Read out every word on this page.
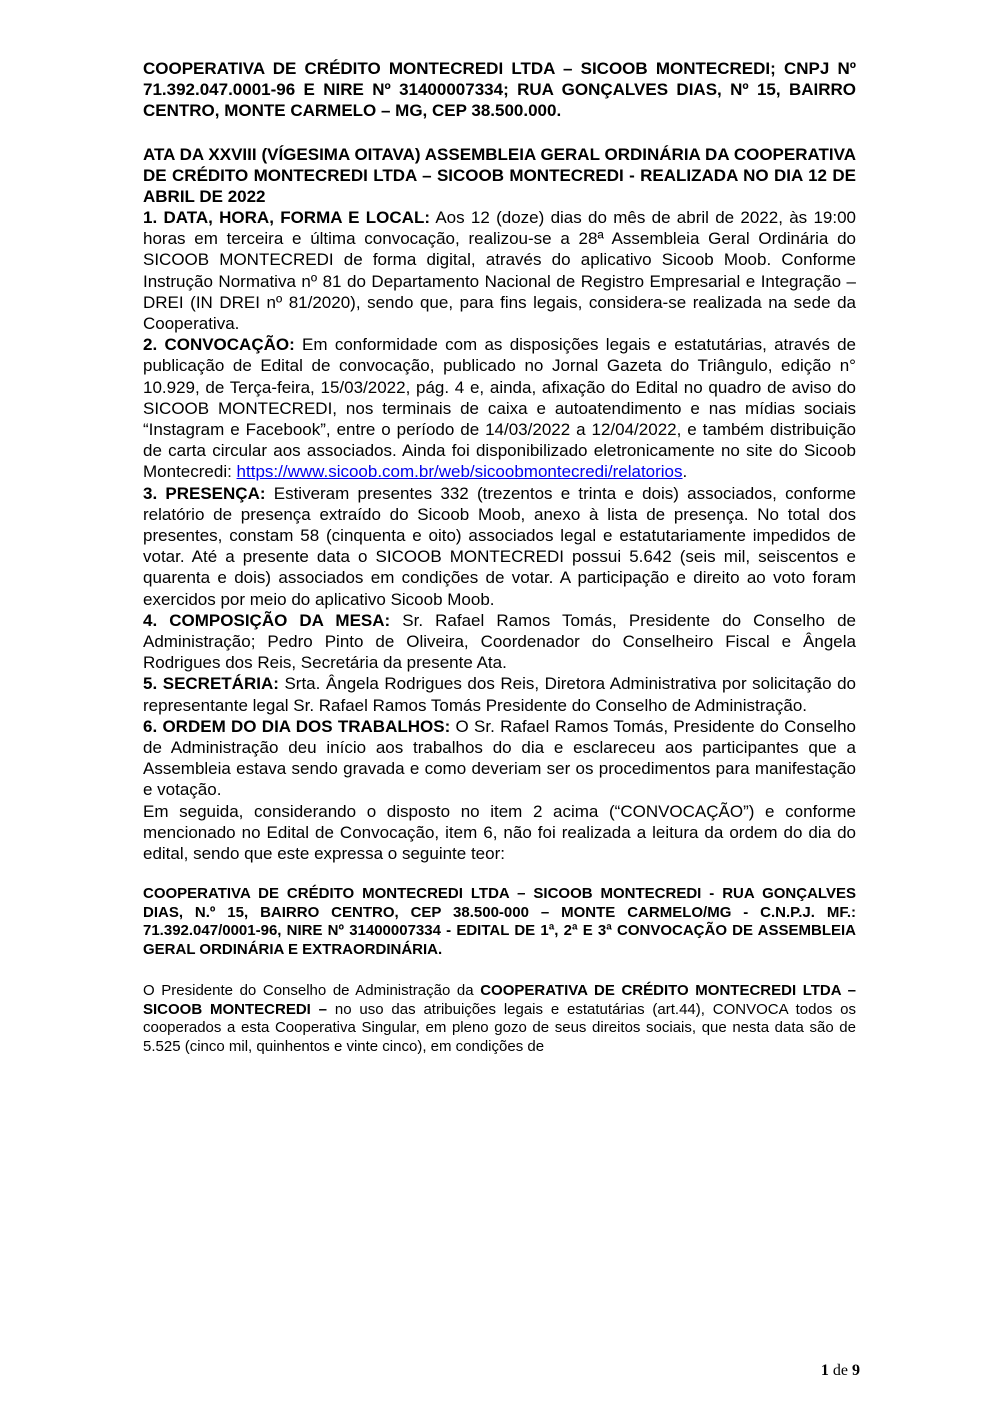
COOPERATIVA DE CRÉDITO MONTECREDI LTDA – SICOOB MONTECREDI; CNPJ Nº 71.392.047.0001-96 E NIRE Nº 31400007334; RUA GONÇALVES DIAS, Nº 15, BAIRRO CENTRO, MONTE CARMELO – MG, CEP 38.500.000.

ATA DA XXVIII (VÍGESIMA OITAVA) ASSEMBLEIA GERAL ORDINÁRIA DA COOPERATIVA DE CRÉDITO MONTECREDI LTDA – SICOOB MONTECREDI - REALIZADA NO DIA 12 DE ABRIL DE 2022

1. DATA, HORA, FORMA E LOCAL: Aos 12 (doze) dias do mês de abril de 2022, às 19:00 horas em terceira e última convocação, realizou-se a 28ª Assembleia Geral Ordinária do SICOOB MONTECREDI de forma digital, através do aplicativo Sicoob Moob. Conforme Instrução Normativa nº 81 do Departamento Nacional de Registro Empresarial e Integração – DREI (IN DREI nº 81/2020), sendo que, para fins legais, considera-se realizada na sede da Cooperativa.

2. CONVOCAÇÃO: Em conformidade com as disposições legais e estatutárias, através de publicação de Edital de convocação, publicado no Jornal Gazeta do Triângulo, edição n° 10.929, de Terça-feira, 15/03/2022, pág. 4 e, ainda, afixação do Edital no quadro de aviso do SICOOB MONTECREDI, nos terminais de caixa e autoatendimento e nas mídias sociais “Instagram e Facebook”, entre o período de 14/03/2022 a 12/04/2022, e também distribuição de carta circular aos associados. Ainda foi disponibilizado eletronicamente no site do Sicoob Montecredi: https://www.sicoob.com.br/web/sicoobmontecredi/relatorios.

3. PRESENÇA: Estiveram presentes 332 (trezentos e trinta e dois) associados, conforme relatório de presença extraído do Sicoob Moob, anexo à lista de presença. No total dos presentes, constam 58 (cinquenta e oito) associados legal e estatutariamente impedidos de votar. Até a presente data o SICOOB MONTECREDI possui 5.642 (seis mil, seiscentos e quarenta e dois) associados em condições de votar. A participação e direito ao voto foram exercidos por meio do aplicativo Sicoob Moob.

4. COMPOSIÇÃO DA MESA: Sr. Rafael Ramos Tomás, Presidente do Conselho de Administração; Pedro Pinto de Oliveira, Coordenador do Conselheiro Fiscal e Ângela Rodrigues dos Reis, Secretária da presente Ata.

5. SECRETÁRIA: Srta. Ângela Rodrigues dos Reis, Diretora Administrativa por solicitação do representante legal Sr. Rafael Ramos Tomás Presidente do Conselho de Administração.

6. ORDEM DO DIA DOS TRABALHOS: O Sr. Rafael Ramos Tomás, Presidente do Conselho de Administração deu início aos trabalhos do dia e esclareceu aos participantes que a Assembleia estava sendo gravada e como deveriam ser os procedimentos para manifestação e votação.

Em seguida, considerando o disposto no item 2 acima (“CONVOCAÇÃO”) e conforme mencionado no Edital de Convocação, item 6, não foi realizada a leitura da ordem do dia do edital, sendo que este expressa o seguinte teor:

COOPERATIVA DE CRÉDITO MONTECREDI LTDA – SICOOB MONTECREDI - RUA GONÇALVES DIAS, N.º 15, BAIRRO CENTRO, CEP 38.500-000 – MONTE CARMELO/MG - C.N.P.J. MF.: 71.392.047/0001-96, NIRE Nº 31400007334 - EDITAL DE 1ª, 2ª E 3ª CONVOCAÇÃO DE ASSEMBLEIA GERAL ORDINÁRIA E EXTRAORDINÁRIA.

O Presidente do Conselho de Administração da COOPERATIVA DE CRÉDITO MONTECREDI LTDA – SICOOB MONTECREDI – no uso das atribuições legais e estatutárias (art.44), CONVOCA todos os cooperados a esta Cooperativa Singular, em pleno gozo de seus direitos sociais, que nesta data são de 5.525 (cinco mil, quinhentos e vinte cinco), em condições de

1 de 9
